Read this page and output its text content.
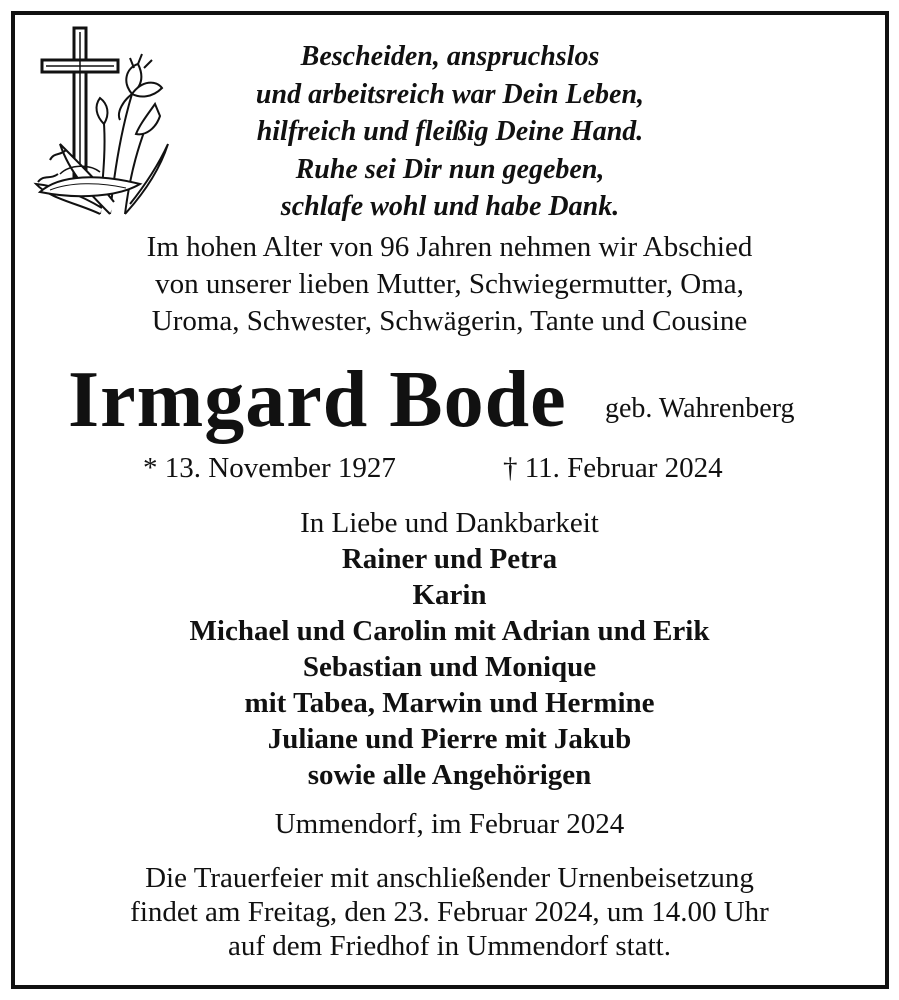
Bescheiden, anspruchslos
und arbeitsreich war Dein Leben,
hilfreich und fleißig Deine Hand.
Ruhe sei Dir nun gegeben,
schlafe wohl und habe Dank.
Im hohen Alter von 96 Jahren nehmen wir Abschied
von unserer lieben Mutter, Schwiegermutter, Oma,
Uroma, Schwester, Schwägerin, Tante und Cousine
Irmgard Bode geb. Wahrenberg
* 13. November 1927	† 11. Februar 2024
In Liebe und Dankbarkeit
Rainer und Petra
Karin
Michael und Carolin mit Adrian und Erik
Sebastian und Monique
mit Tabea, Marwin und Hermine
Juliane und Pierre mit Jakub
sowie alle Angehörigen
Ummendorf, im Februar 2024
Die Trauerfeier mit anschließender Urnenbeisetzung
findet am Freitag, den 23. Februar 2024, um 14.00 Uhr
auf dem Friedhof in Ummendorf statt.
